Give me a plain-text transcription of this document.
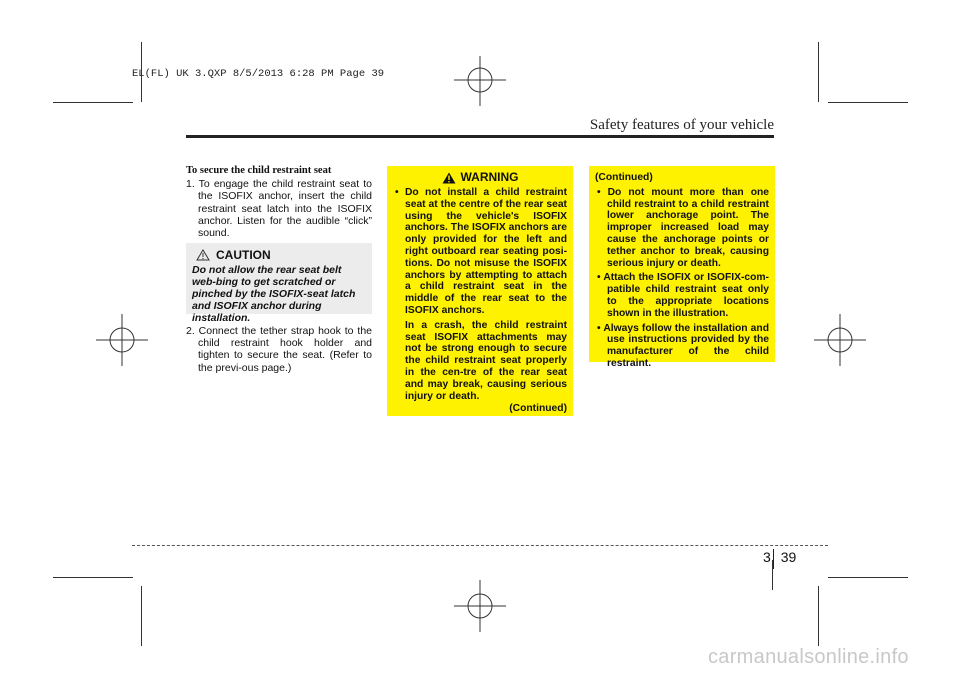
EL(FL) UK 3.QXP 8/5/2013 6:28 PM Page 39
Safety features of your vehicle
To secure the child restraint seat
1. To engage the child restraint seat to the ISOFIX anchor, insert the child restraint seat latch into the ISOFIX anchor. Listen for the audible “click” sound.
CAUTION
Do not allow the rear seat belt web-bing to get scratched or pinched by the ISOFIX-seat latch and ISOFIX anchor during installation.
2. Connect the tether strap hook to the child restraint hook holder and tighten to secure the seat. (Refer to the previ-ous page.)
WARNING
• Do not install a child restraint seat at the centre of the rear seat using the vehicle's ISOFIX anchors. The ISOFIX anchors are only provided for the left and right outboard rear seating posi-tions. Do not misuse the ISOFIX anchors by attempting to attach a child restraint seat in the middle of the rear seat to the ISOFIX anchors.
In a crash, the child restraint seat ISOFIX attachments may not be strong enough to secure the child restraint seat properly in the cen-tre of the rear seat and may break, causing serious injury or death.
(Continued)
(Continued)
• Do not mount more than one child restraint to a child restraint lower anchorage point. The improper increased load may cause the anchorage points or tether anchor to break, causing serious injury or death.
• Attach the ISOFIX or ISOFIX-com-patible child restraint seat only to the appropriate locations shown in the illustration.
• Always follow the installation and use instructions provided by the manufacturer of the child restraint.
3 39
carmanualsonline.info
